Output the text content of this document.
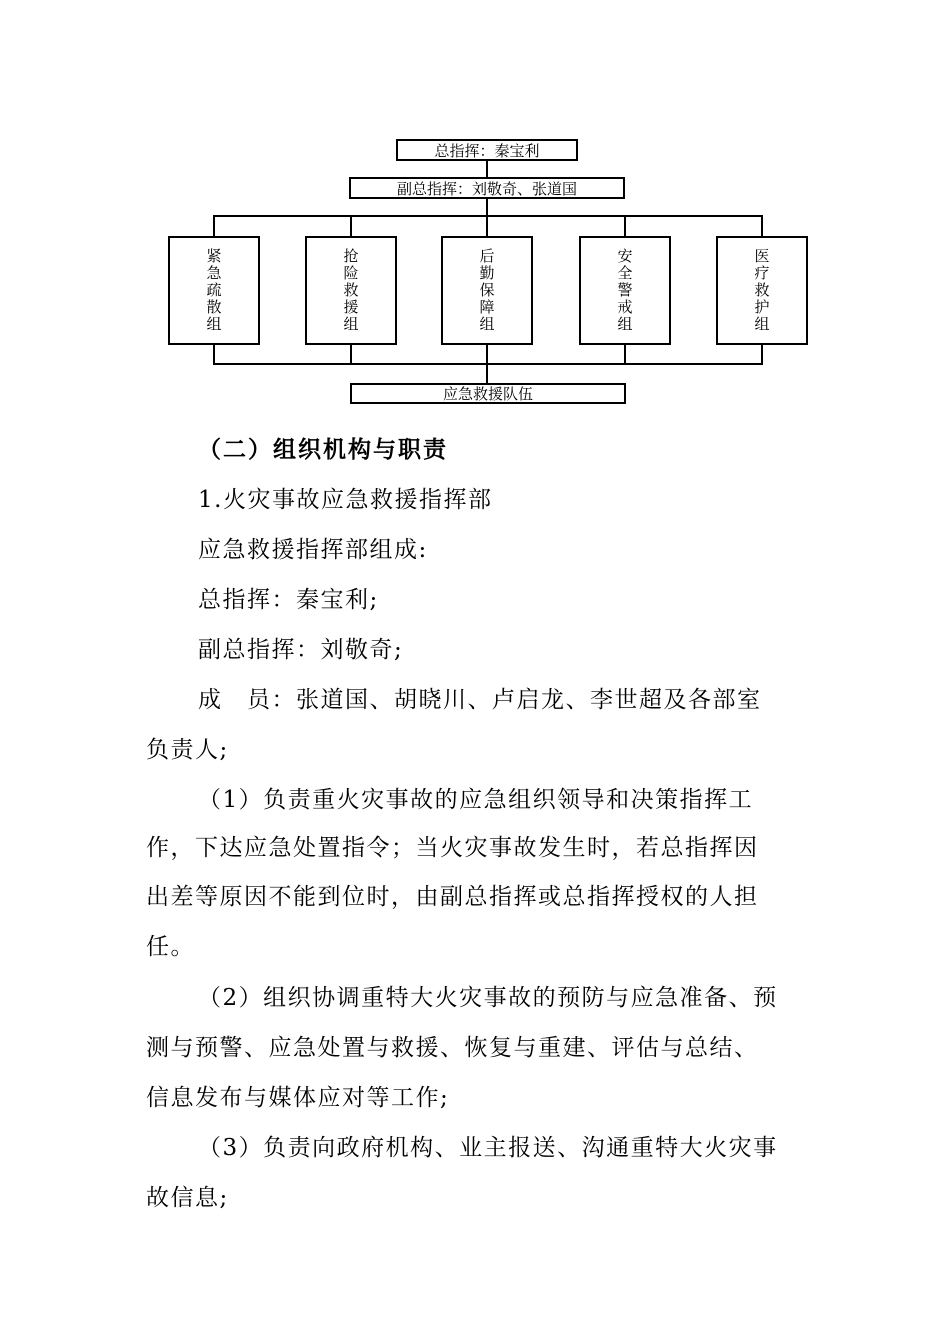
总指挥：秦宝利
副总指挥：刘敬奇、张道国
紧急疏散组	抢险救援组	后勤保障组	安全警戒组	医疗救护组
应急救援队伍
（二）组织机构与职责
1.火灾事故应急救援指挥部
应急救援指挥部组成:
总指挥：秦宝利;
副总指挥：刘敬奇;
成　员：张道国、胡晓川、卢启龙、李世超及各部室
负责人;
（1）负责重火灾事故的应急组织领导和决策指挥工
作，下达应急处置指令；当火灾事故发生时，若总指挥因
出差等原因不能到位时，由副总指挥或总指挥授权的人担
任。
（2）组织协调重特大火灾事故的预防与应急准备、预
测与预警、应急处置与救援、恢复与重建、评估与总结、
信息发布与媒体应对等工作;
（3）负责向政府机构、业主报送、沟通重特大火灾事
故信息;
